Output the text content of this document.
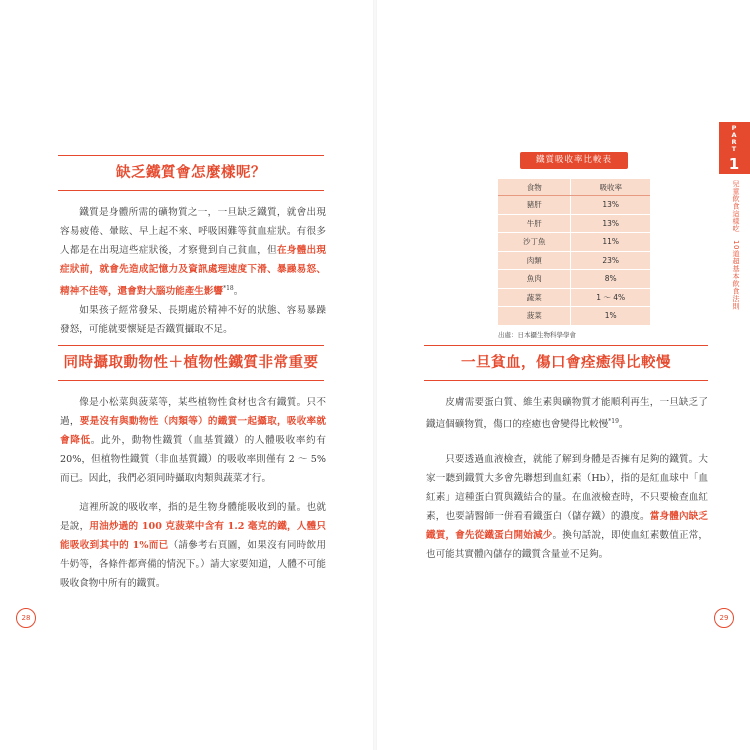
缺乏鐵質會怎麼樣呢？

鐵質是身體所需的礦物質之一，一旦缺乏鐵質，就會出現容易疲倦、暈眩、早上起不來、呼吸困難等貧血症狀。有很多人都是在出現這些症狀後，才察覺到自己貧血，但在身體出現症狀前，就會先造成記憶力及資訊處理速度下滑、暴躁易怒、精神不佳等，還會對大腦功能產生影響$^{*18}$。

如果孩子經常發呆、長期處於精神不好的狀態、容易暴躁發怒，可能就要懷疑是否鐵質攝取不足。

同時攝取動物性＋植物性鐵質非常重要

像是小松菜與菠菜等，某些植物性食材也含有鐵質。只不過，要是沒有與動物性（肉類等）的鐵質一起攝取，吸收率就會降低。此外，動物性鐵質（血基質鐵）的人體吸收率約有 20%，但植物性鐵質（非血基質鐵）的吸收率則僅有 2 ～ 5%而已。因此，我們必須同時攝取肉類與蔬菜才行。

這裡所說的吸收率，指的是生物身體能吸收到的量。也就是說，用油炒過的 100 克菠菜中含有 1.2 毫克的鐵，人體只能吸收到其中的 1%而已（請參考右頁圖，如果沒有同時飲用牛奶等，各條件都齊備的情況下。）請大家要知道，人體不可能吸收食物中所有的鐵質。

28
鐵質吸收率比較表
食物	吸收率
豬肝	13%
牛肝	13%
沙丁魚	11%
肉類	23%
魚肉	8%
蔬菜	1 ～ 4%
菠菜	1%
出處：日本攝生物科學學會
一旦貧血，傷口會痊癒得比較慢

皮膚需要蛋白質、維生素與礦物質才能順利再生，一旦缺乏了鐵這個礦物質，傷口的痊癒也會變得比較慢$^{*19}$。

只要透過血液檢查，就能了解到身體是否擁有足夠的鐵質。大家一聽到鐵質大多會先聯想到血紅素（Hb），指的是紅血球中「血紅素」這種蛋白質與鐵結合的量。在血液檢查時，不只要檢查血紅素，也要請醫師一併看看鐵蛋白（儲存鐵）的濃度。當身體內缺乏鐵質，會先從鐵蛋白開始減少。換句話說，即使血紅素數值正常，也可能其實體內儲存的鐵質含量並不足夠。

29
P
A
R
T
1
兒童飲食這樣吃　10道超基本飲食法則
